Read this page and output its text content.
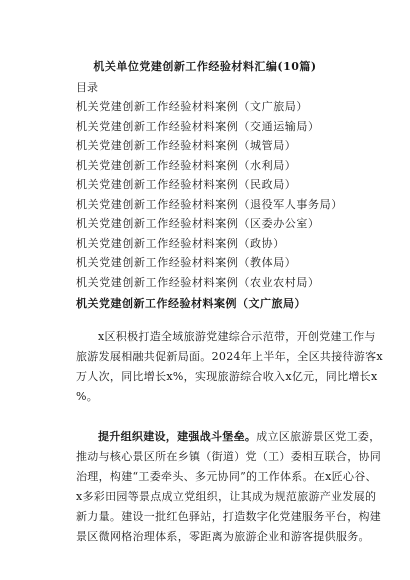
机关单位党建创新工作经验材料汇编(10篇)
目录
机关党建创新工作经验材料案例（文广旅局）
机关党建创新工作经验材料案例（交通运输局）
机关党建创新工作经验材料案例（城管局）
机关党建创新工作经验材料案例（水利局）
机关党建创新工作经验材料案例（民政局）
机关党建创新工作经验材料案例（退役军人事务局）
机关党建创新工作经验材料案例（区委办公室）
机关党建创新工作经验材料案例（政协）
机关党建创新工作经验材料案例（教体局）
机关党建创新工作经验材料案例（农业农村局）
机关党建创新工作经验材料案例（文广旅局）

x区积极打造全域旅游党建综合示范带，开创党建工作与
旅游发展相融共促新局面。2024年上半年，全区共接待游客x
万人次，同比增长x%，实现旅游综合收入x亿元，同比增长x
%。

提升组织建设，建强战斗堡垒。成立区旅游景区党工委，
推动与核心景区所在乡镇（街道）党（工）委相互联合，协同
治理，构建“工委牵头、多元协同”的工作体系。在x匠心谷、
x多彩田园等景点成立党组织，让其成为规范旅游产业发展的
新力量。建设一批红色驿站，打造数字化党建服务平台，构建
景区微网格治理体系，零距离为旅游企业和游客提供服务。
